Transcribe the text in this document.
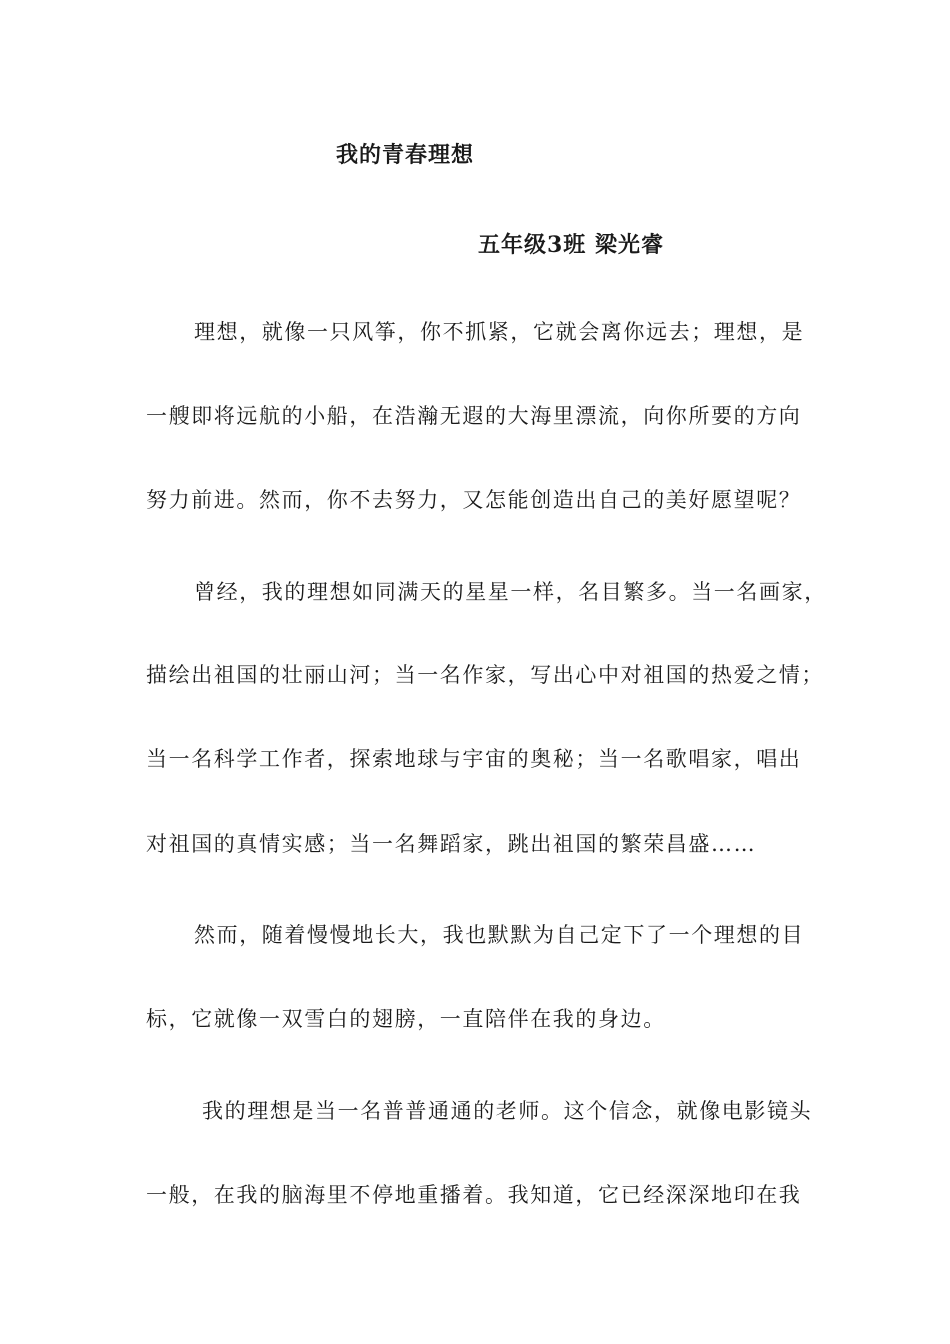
我的青春理想
五年级3班 梁光睿
理想，就像一只风筝，你不抓紧，它就会离你远去；理想，是
一艘即将远航的小船，在浩瀚无遐的大海里漂流，向你所要的方向
努力前进。然而，你不去努力，又怎能创造出自己的美好愿望呢？
曾经，我的理想如同满天的星星一样，名目繁多。当一名画家，
描绘出祖国的壮丽山河；当一名作家，写出心中对祖国的热爱之情；
当一名科学工作者，探索地球与宇宙的奥秘；当一名歌唱家，唱出
对祖国的真情实感；当一名舞蹈家，跳出祖国的繁荣昌盛……
然而，随着慢慢地长大，我也默默为自己定下了一个理想的目
标，它就像一双雪白的翅膀，一直陪伴在我的身边。
我的理想是当一名普普通通的老师。这个信念，就像电影镜头
一般，在我的脑海里不停地重播着。我知道，它已经深深地印在我
